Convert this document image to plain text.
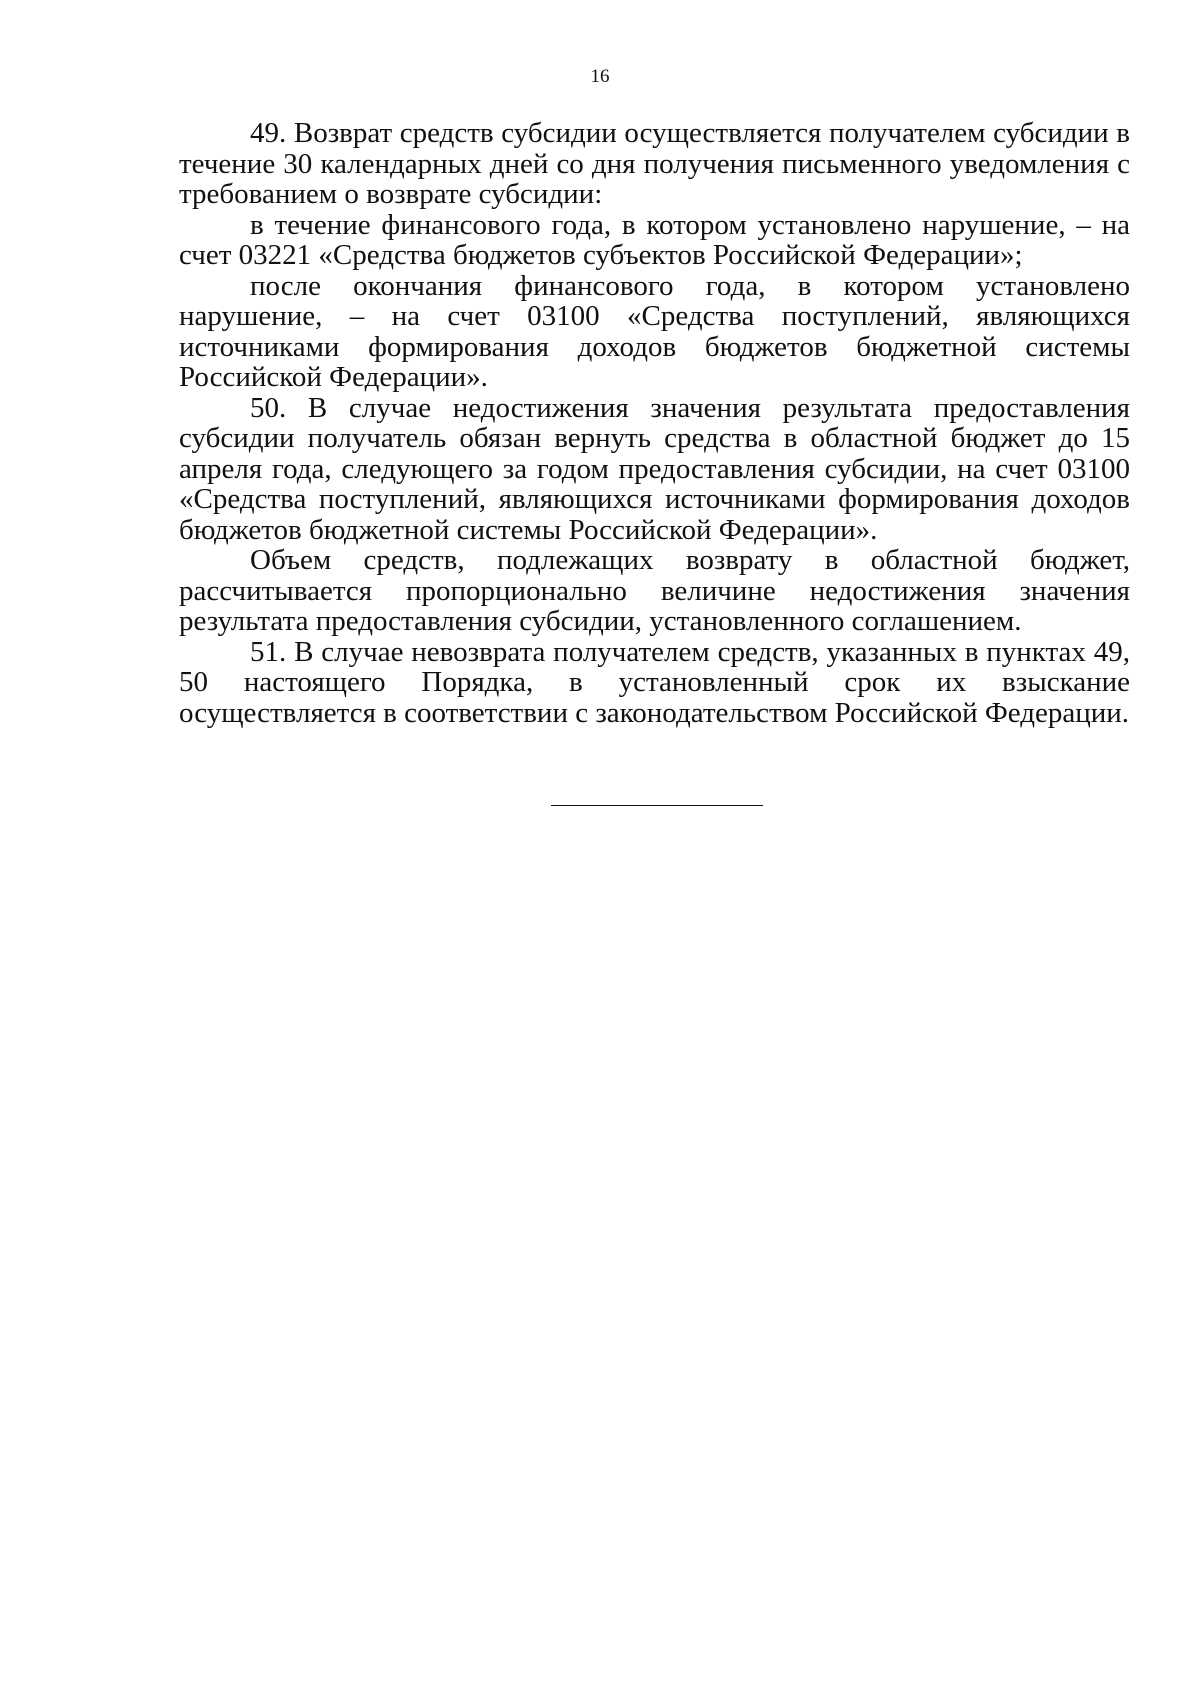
16

49. Возврат средств субсидии осуществляется получателем субсидии в течение 30 календарных дней со дня получения письменного уведомления с требованием о возврате субсидии:

в течение финансового года, в котором установлено нарушение, – на счет 03221 «Средства бюджетов субъектов Российской Федерации»;

после окончания финансового года, в котором установлено нарушение, – на счет 03100 «Средства поступлений, являющихся источниками формирования доходов бюджетов бюджетной системы Российской Федерации».

50. В случае недостижения значения результата предоставления субсидии получатель обязан вернуть средства в областной бюджет до 15 апреля года, следующего за годом предоставления субсидии, на счет 03100 «Средства поступлений, являющихся источниками формирования доходов бюджетов бюджетной системы Российской Федерации».

Объем средств, подлежащих возврату в областной бюджет, рассчитывается пропорционально величине недостижения значения результата предоставления субсидии, установленного соглашением.

51. В случае невозврата получателем средств, указанных в пунктах 49, 50 настоящего Порядка, в установленный срок их взыскание осуществляется в соответствии с законодательством Российской Федерации.
